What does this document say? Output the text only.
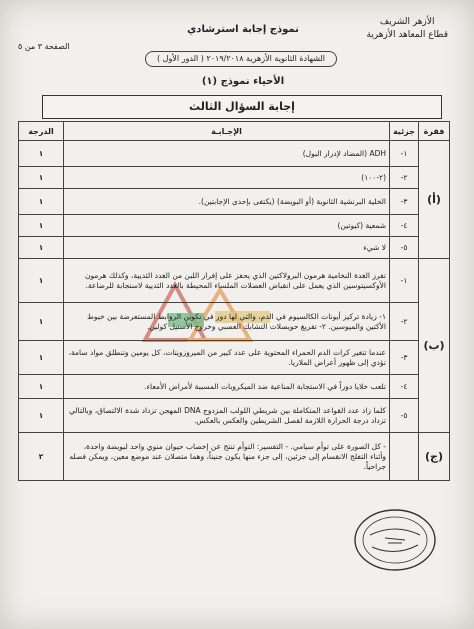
الأزهر الشريف
قطاع المعاهد الأزهرية
نموذج إجابة استرشادي
الصفحة ٣ من ٥
الشهادة الثانوية الأزهرية ٢٠١٩/٢٠١٨ ( الدور الأول )
الأحياء نموذج (١)
إجابة السؤال الثالث
فقرة	جزئية	الإجـابـة	الدرجة
(أ)	١-	ADH (المضاد لإدرار البول)	١
	٢-	(٢-١٠٠)	١
	٣-	الخلية البرنشية الثانوية (أو البويضة) (يكتفى بإحدى الإجابتين).	١
	٤-	شمعية (كيوتين)	١
	٥-	لا شيء	١
(ب)	١-	تفرز الغدة النخامية هرمون البرولاكتين الذي يحفز على إفراز اللبن من الغدد الثديية، وكذلك هرمون الأوكسيتوسين الذي يعمل على انقباض العضلات الملساء المحيطة بالغدد الثديية لاستجابة للرضاعة.	١
	٢-	١- زيادة تركيز أيونات الكالسيوم في الدم، والتي لها دور في تكوين الروابط المستعرضة بين خيوط الأكتين والميوسين. ٢- تفريغ حويصلات التشابك العصبي وخروج الأستيل كولين.	١
	٣-	عندما تتغير كرات الدم الحمراء المحتوية على عدد كبير من الميروزويتات، كل يومين وتنطلق مواد سامة، تؤدي إلى ظهور أعراض الملاريا.	١
	٤-	تلعب خلايا دوراً في الاستجابة المناعية ضد الميكروبات المسببة لأمراض الأمعاء.	١
	٥-	كلما زاد عدد القواعد المتكاملة بين شريطي اللولب المزدوج DNA المهجن تزداد شدة الالتصاق، وبالتالي تزداد درجة الحرارة اللازمة لفصل الشريطين والعكس بالعكس.	١
(ج)		- كل الصورة على توأم سيامي. - التفسير: التوأم تنتج عن إخصاب حيوان منوي واحد لبويضة واحدة، وأثناء التفلج الانقسام إلى جزئين، إلى جزء منها يكون جنيناً، وهما متصلان عند موضع معين، ويمكن فصله جراحياً.	٢
